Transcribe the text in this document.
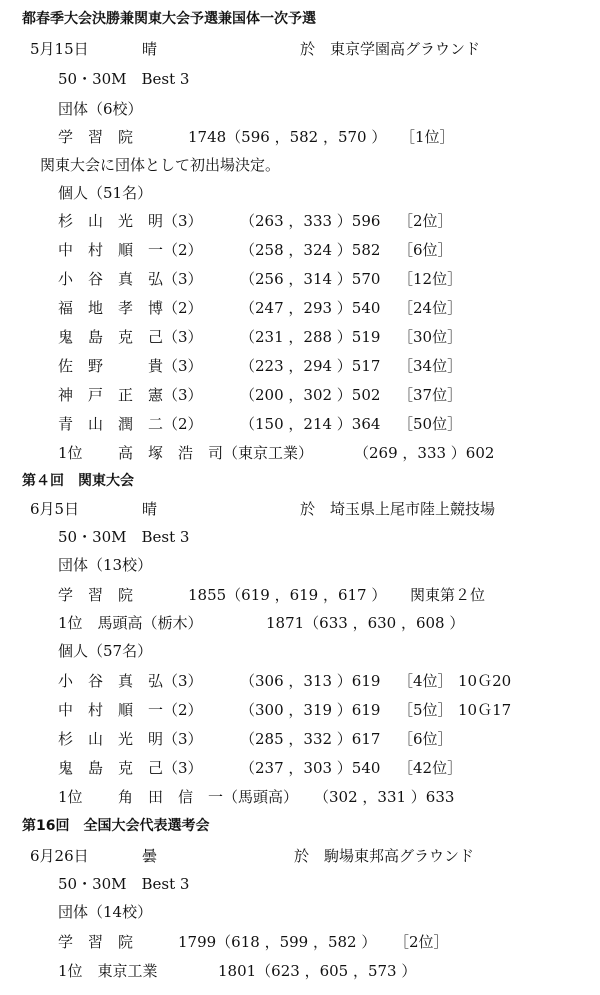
都春季大会決勝兼関東大会予選兼国体一次予選
5月15日	晴	於　東京学園高グラウンド
50・30M　Best 3
団体（6校）
学　習　院	1748（596 ，582 ，570 ） ［1位］
関東大会に団体として初出場決定。
個人（51名）
杉　山　光　明（3） （263 ，333 ）596 ［2位］
中　村　順　一（2） （258 ，324 ）582 ［6位］
小　谷　真　弘（3） （256 ，314 ）570 ［12位］
福　地　孝　博（2） （247 ，293 ）540 ［24位］
鬼　島　克　己（3） （231 ，288 ）519 ［30位］
佐　野　　　貴（3） （223 ，294 ）517 ［34位］
神　戸　正　憲（3） （200 ，302 ）502 ［37位］
青　山　潤　二（2） （150 ，214 ）364 ［50位］
1位 高　塚　浩　司（東京工業）	（269 ，333 ）602
第４回　関東大会
6月5日	晴	於　埼玉県上尾市陸上競技場
50・30M　Best 3
団体（13校）
学　習　院	1855（619 ，619 ，617 ） 関東第２位
1位　馬頭高（栃木）	1871（633 ，630 ，608 ）
個人（57名）
小　谷　真　弘（3） （306 ，313 ）619 ［4位］ 10Ｇ20
中　村　順　一（2） （300 ，319 ）619 ［5位］ 10Ｇ17
杉　山　光　明（3） （285 ，332 ）617 ［6位］
鬼　島　克　己（3） （237 ，303 ）540 ［42位］
1位 角　田　信　一（馬頭高） （302 ，331 ）633
第16回　全国大会代表選考会
6月26日	曇	於　駒場東邦高グラウンド
50・30M　Best 3
団体（14校）
学　習　院	1799（618 ，599 ，582 ） ［2位］
1位　東京工業	1801（623 ，605 ，573 ）
